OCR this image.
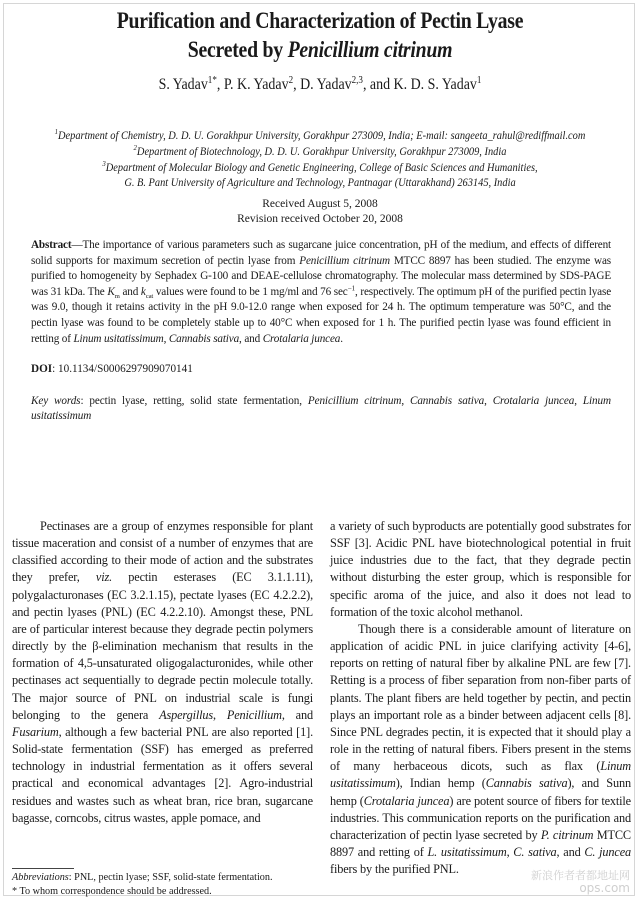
Purification and Characterization of Pectin Lyase
Secreted by Penicillium citrinum
S. Yadav$^{1*}$, P. K. Yadav$^2$, D. Yadav$^{2,3}$, and K. D. S. Yadav$^1$
$^1$Department of Chemistry, D. D. U. Gorakhpur University, Gorakhpur 273009, India; E-mail: sangeeta_rahul@rediffmail.com
$^2$Department of Biotechnology, D. D. U. Gorakhpur University, Gorakhpur 273009, India
$^3$Department of Molecular Biology and Genetic Engineering, College of Basic Sciences and Humanities,
G. B. Pant University of Agriculture and Technology, Pantnagar (Uttarakhand) 263145, India
Received August 5, 2008
Revision received October 20, 2008
Abstract—The importance of various parameters such as sugarcane juice concentration, pH of the medium, and effects of different solid supports for maximum secretion of pectin lyase from Penicillium citrinum MTCC 8897 has been studied. The enzyme was purified to homogeneity by Sephadex G-100 and DEAE-cellulose chromatography. The molecular mass determined by SDS-PAGE was 31 kDa. The $K_m$ and $k_{cat}$ values were found to be 1 mg/ml and 76 $\sec^{-1}$, respectively. The optimum pH of the purified pectin lyase was 9.0, though it retains activity in the pH 9.0-12.0 range when exposed for 24 h. The optimum temperature was 50°C, and the pectin lyase was found to be completely stable up to 40°C when exposed for 1 h. The purified pectin lyase was found efficient in retting of Linum usitatissimum, Cannabis sativa, and Crotalaria juncea.
DOI: 10.1134/S0006297909070141
Key words: pectin lyase, retting, solid state fermentation, Penicillium citrinum, Cannabis sativa, Crotalaria juncea, Linum usitatissimum

Pectinases are a group of enzymes responsible for plant tissue maceration and consist of a number of enzymes that are classified according to their mode of action and the substrates they prefer, viz. pectin esterases (EC 3.1.1.11), polygalacturonases (EC 3.2.1.15), pectate lyases (EC 4.2.2.2), and pectin lyases (PNL) (EC 4.2.2.10). Amongst these, PNL are of particular interest because they degrade pectin polymers directly by the β-elimination mechanism that results in the formation of 4,5-unsaturated oligogalacturonides, while other pectinases act sequentially to degrade pectin molecule totally. The major source of PNL on industrial scale is fungi belonging to the genera Aspergillus, Penicillium, and Fusarium, although a few bacterial PNL are also reported [1]. Solid-state fermentation (SSF) has emerged as preferred technology in industrial fermentation as it offers several practical and economical advantages [2]. Agro-industrial residues and wastes such as wheat bran, rice bran, sugarcane bagasse, corncobs, citrus wastes, apple pomace, and

a variety of such byproducts are potentially good substrates for SSF [3]. Acidic PNL have biotechnological potential in fruit juice industries due to the fact, that they degrade pectin without disturbing the ester group, which is responsible for specific aroma of the juice, and also it does not lead to formation of the toxic alcohol methanol.

Though there is a considerable amount of literature on application of acidic PNL in juice clarifying activity [4-6], reports on retting of natural fiber by alkaline PNL are few [7]. Retting is a process of fiber separation from non-fiber parts of plants. The plant fibers are held together by pectin, and pectin plays an important role as a binder between adjacent cells [8]. Since PNL degrades pectin, it is expected that it should play a role in the retting of natural fibers. Fibers present in the stems of many herbaceous dicots, such as flax (Linum usitatissimum), Indian hemp (Cannabis sativa), and Sunn hemp (Crotalaria juncea) are potent source of fibers for textile industries. This communication reports on the purification and characterization of pectin lyase secreted by P. citrinum MTCC 8897 and retting of L. usitatissimum, C. sativa, and C. juncea fibers by the purified PNL.

Abbreviations: PNL, pectin lyase; SSF, solid-state fermentation.
* To whom correspondence should be addressed.
新浪作者者都地址网
ops.com
